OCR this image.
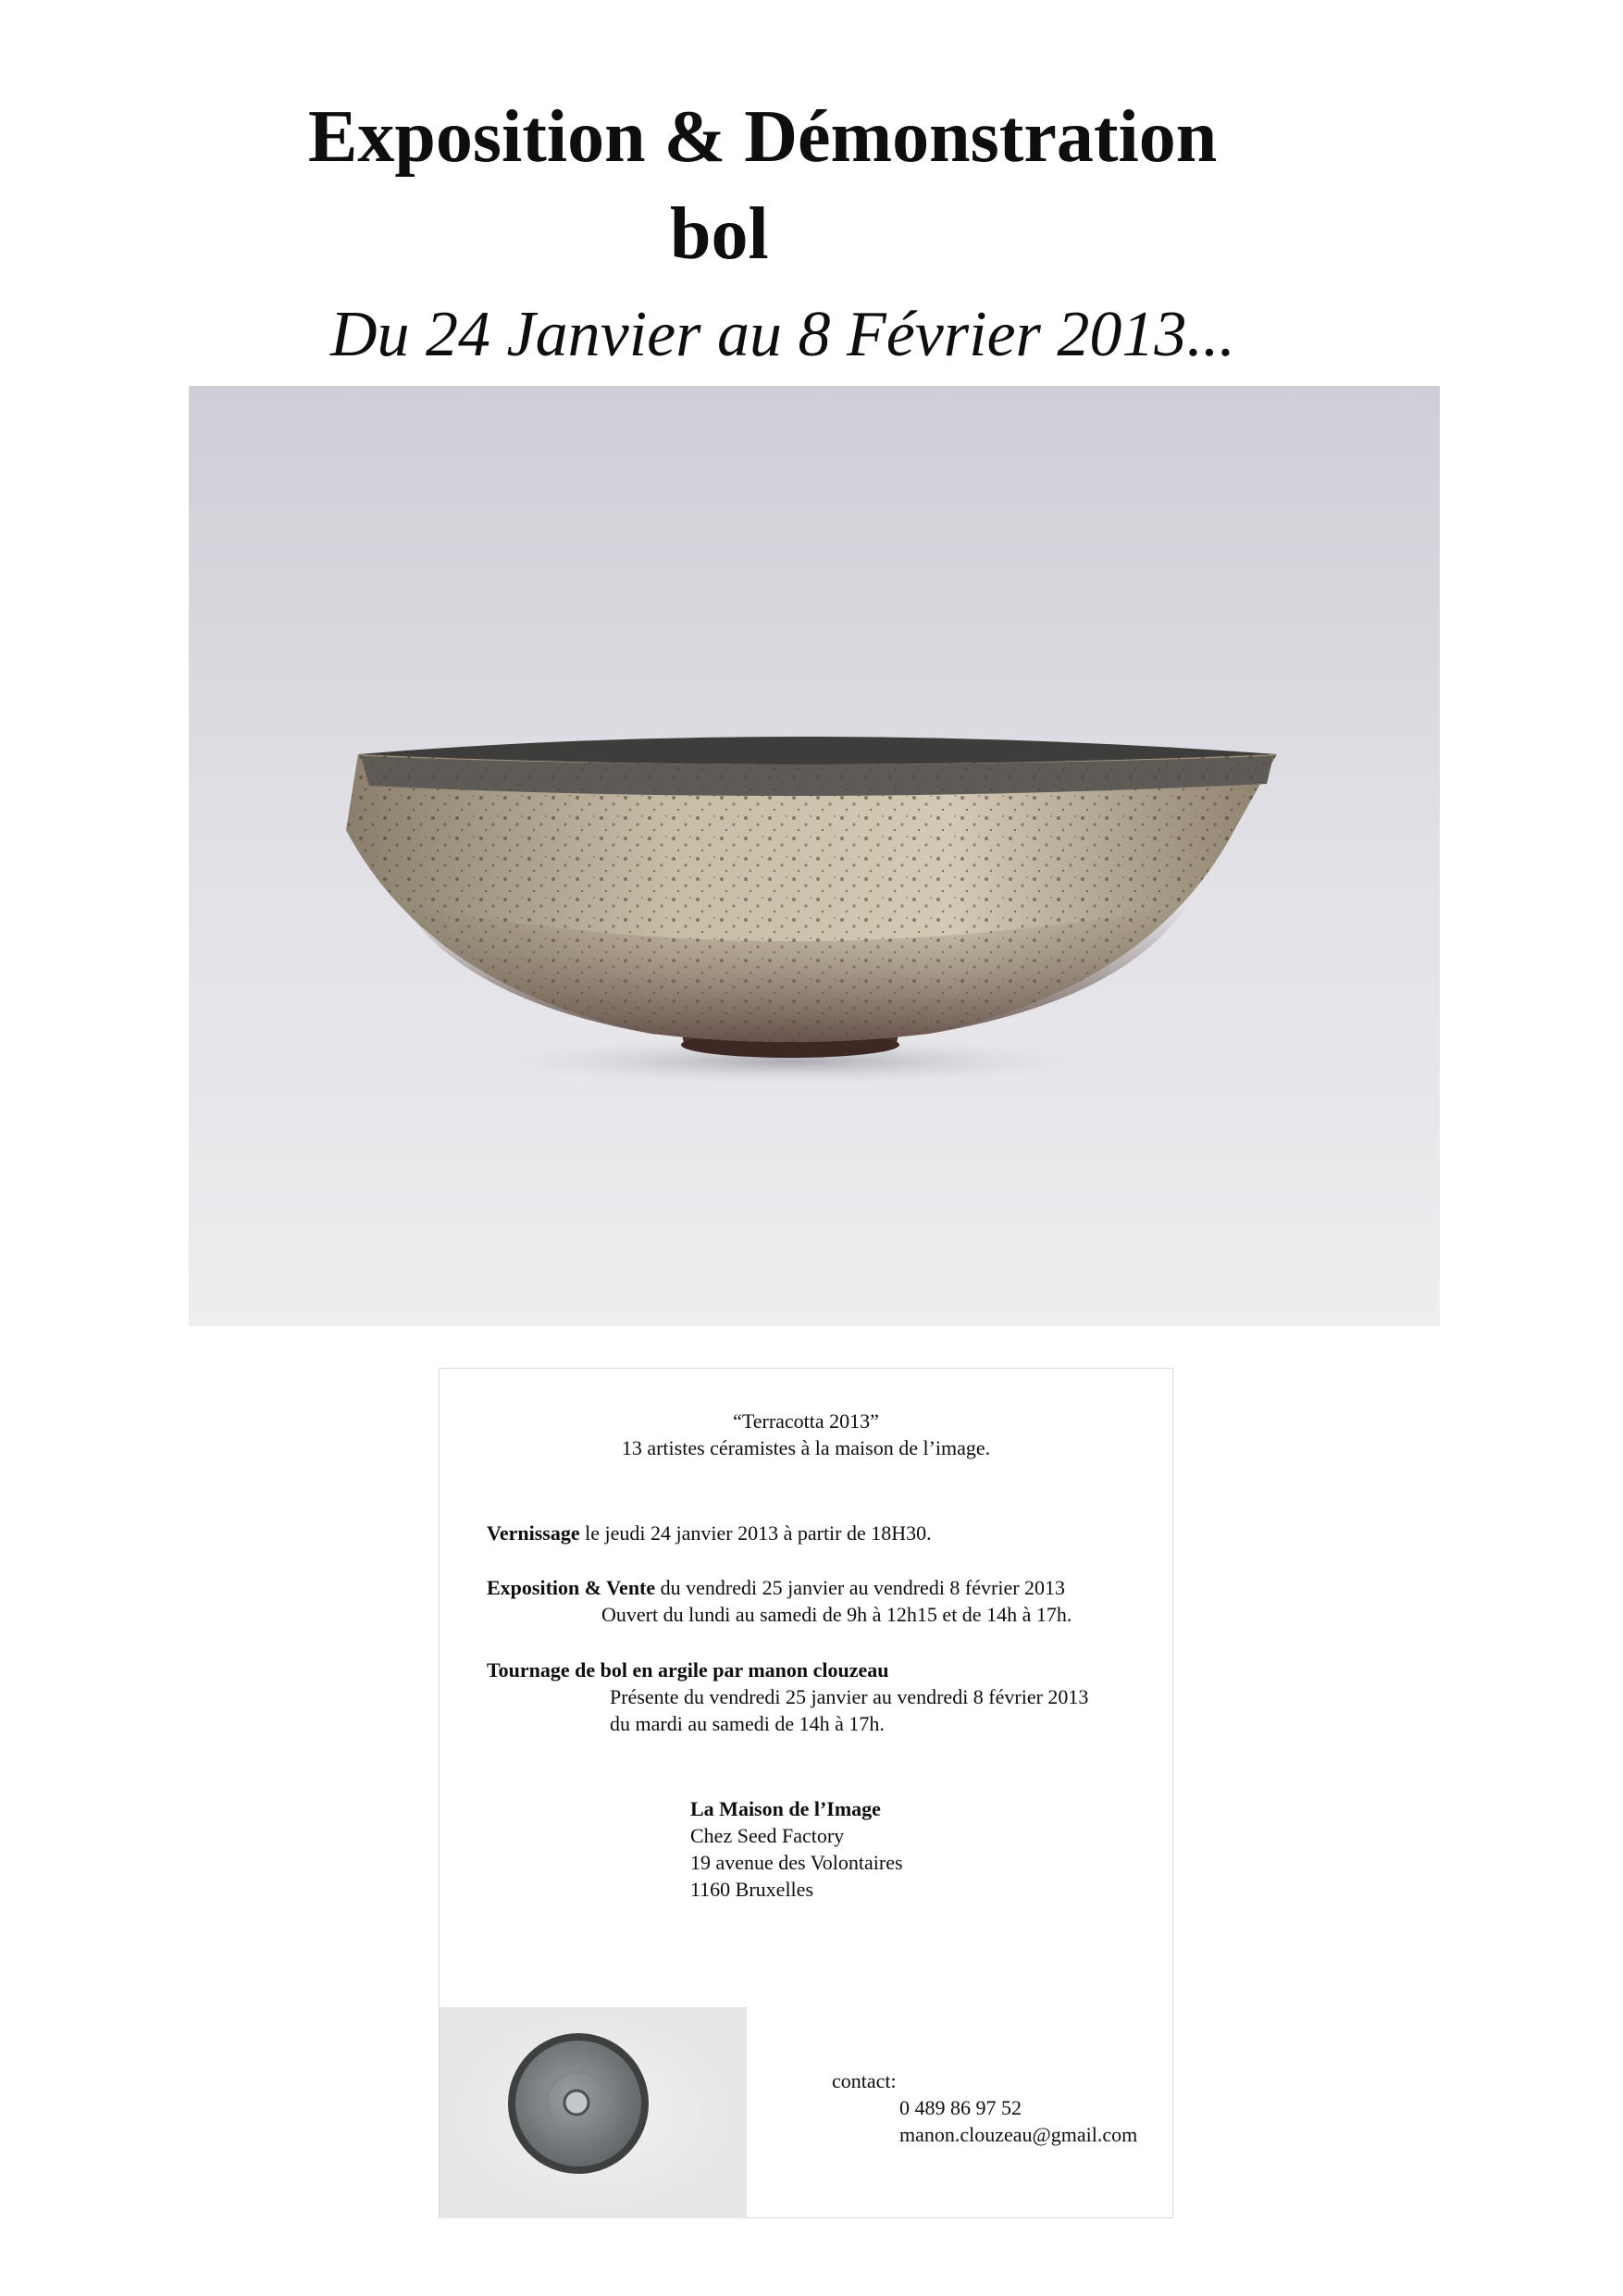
Exposition & Démonstration
bol

Du 24 Janvier au 8 Février 2013...

“Terracotta 2013”
13 artistes céramistes à la maison de l’image.
Vernissage le jeudi 24 janvier 2013 à partir de 18H30.
Exposition & Vente du vendredi 25 janvier au vendredi 8 février 2013
Ouvert du lundi au samedi de 9h à 12h15 et de 14h à 17h.
Tournage de bol en argile par manon clouzeau
Présente du vendredi 25 janvier au vendredi 8 février 2013
du mardi au samedi de 14h à 17h.
La Maison de l’Image
Chez Seed Factory
19 avenue des Volontaires
1160 Bruxelles
contact:
0 489 86 97 52
manon.clouzeau@gmail.com
